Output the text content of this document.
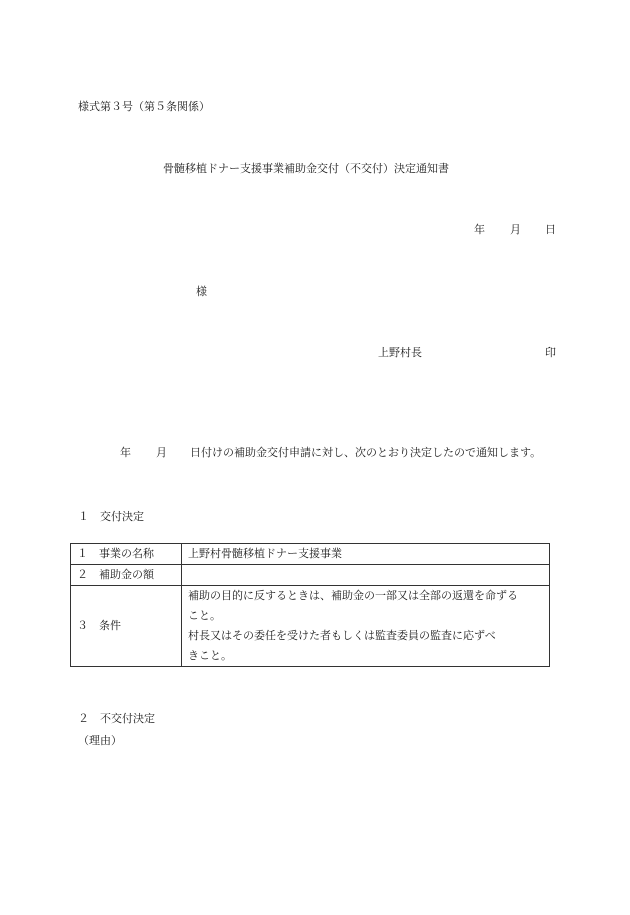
様式第３号（第５条関係）
骨髄移植ドナー支援事業補助金交付（不交付）決定通知書
年 月 日
様
上野村長	印
年 月 日付けの補助金交付申請に対し、次のとおり決定したので通知します。
１　交付決定
１　事業の名称	上野村骨髄移植ドナー支援事業
２　補助金の額	
３　条件	補助の目的に反するときは、補助金の一部又は全部の返還を命ずる
こと。
村長又はその委任を受けた者もしくは監査委員の監査に応ずべ
きこと。
２　不交付決定
（理由）
